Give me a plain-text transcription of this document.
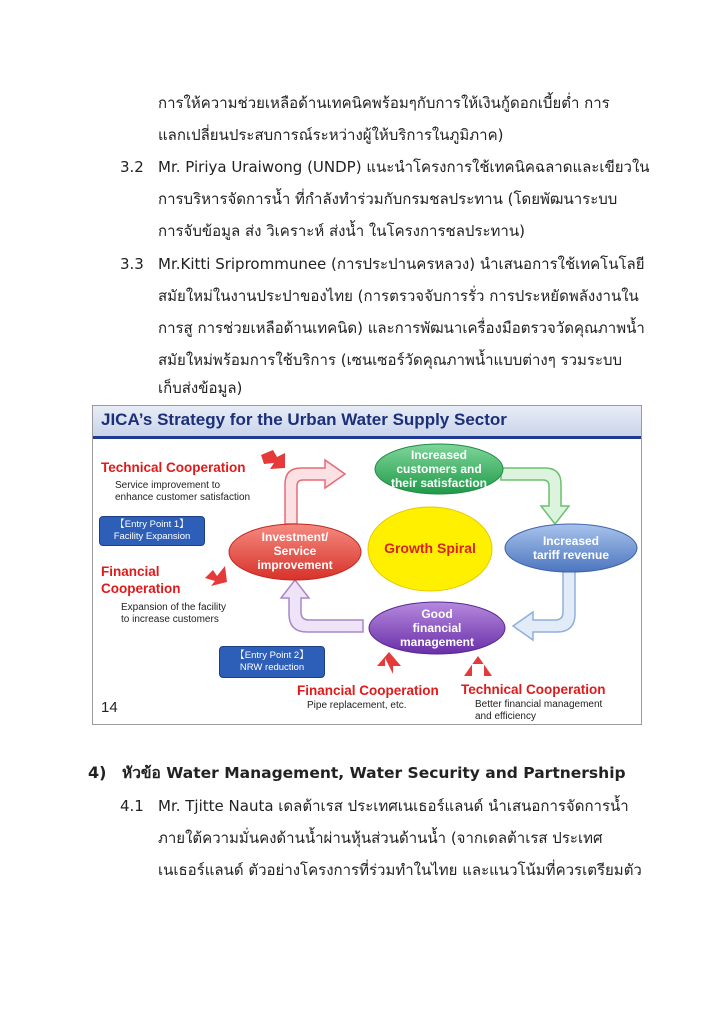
การให้ความช่วยเหลือด้านเทคนิคพร้อมๆกับการให้เงินกู้ดอกเบี้ยต่ำ การ
แลกเปลี่ยนประสบการณ์ระหว่างผู้ให้บริการในภูมิภาค)
3.2 Mr. Piriya Uraiwong (UNDP) แนะนำโครงการใช้เทคนิคฉลาดและเขียวใน
การบริหารจัดการน้ำ ที่กำลังทำร่วมกับกรมชลประทาน (โดยพัฒนาระบบ
การจับข้อมูล ส่ง วิเคราะห์ ส่งน้ำ ในโครงการชลประทาน)
3.3 Mr.Kitti Sriprommunee (การประปานครหลวง) นำเสนอการใช้เทคโนโลยี
สมัยใหม่ในงานประปาของไทย (การตรวจจับการรั่ว การประหยัดพลังงานใน
การสู การช่วยเหลือด้านเทคนิด) และการพัฒนาเครื่องมือตรวจวัดคุณภาพน้ำ
สมัยใหม่พร้อมการใช้บริการ (เซนเซอร์วัดคุณภาพน้ำแบบต่างๆ รวมระบบ
เก็บส่งข้อมูล)
JICA’s Strategy for the Urban Water Supply Sector
Increased
customers and
their satisfaction
Increased
tariff revenue
Good
financial
management
Investment/
Service
improvement
Growth Spiral
Technical Cooperation
Service improvement to
enhance customer satisfaction
【Entry Point 1】
Facility Expansion
Financial
Cooperation
Expansion of the facility
to increase customers
【Entry Point 2】
NRW reduction
Financial Cooperation
Pipe replacement, etc.
Technical Cooperation
Better financial management
and efficiency
14
4) หัวข้อ Water Management, Water Security and Partnership
4.1 Mr. Tjitte Nauta เดลต้าเรส ประเทศเนเธอร์แลนด์ นำเสนอการจัดการน้ำ
ภายใต้ความมั่นคงด้านน้ำผ่านหุ้นส่วนด้านน้ำ (จากเดลต้าเรส ประเทศ
เนเธอร์แลนด์ ตัวอย่างโครงการที่ร่วมทำในไทย และแนวโน้มที่ควรเตรียมตัว
